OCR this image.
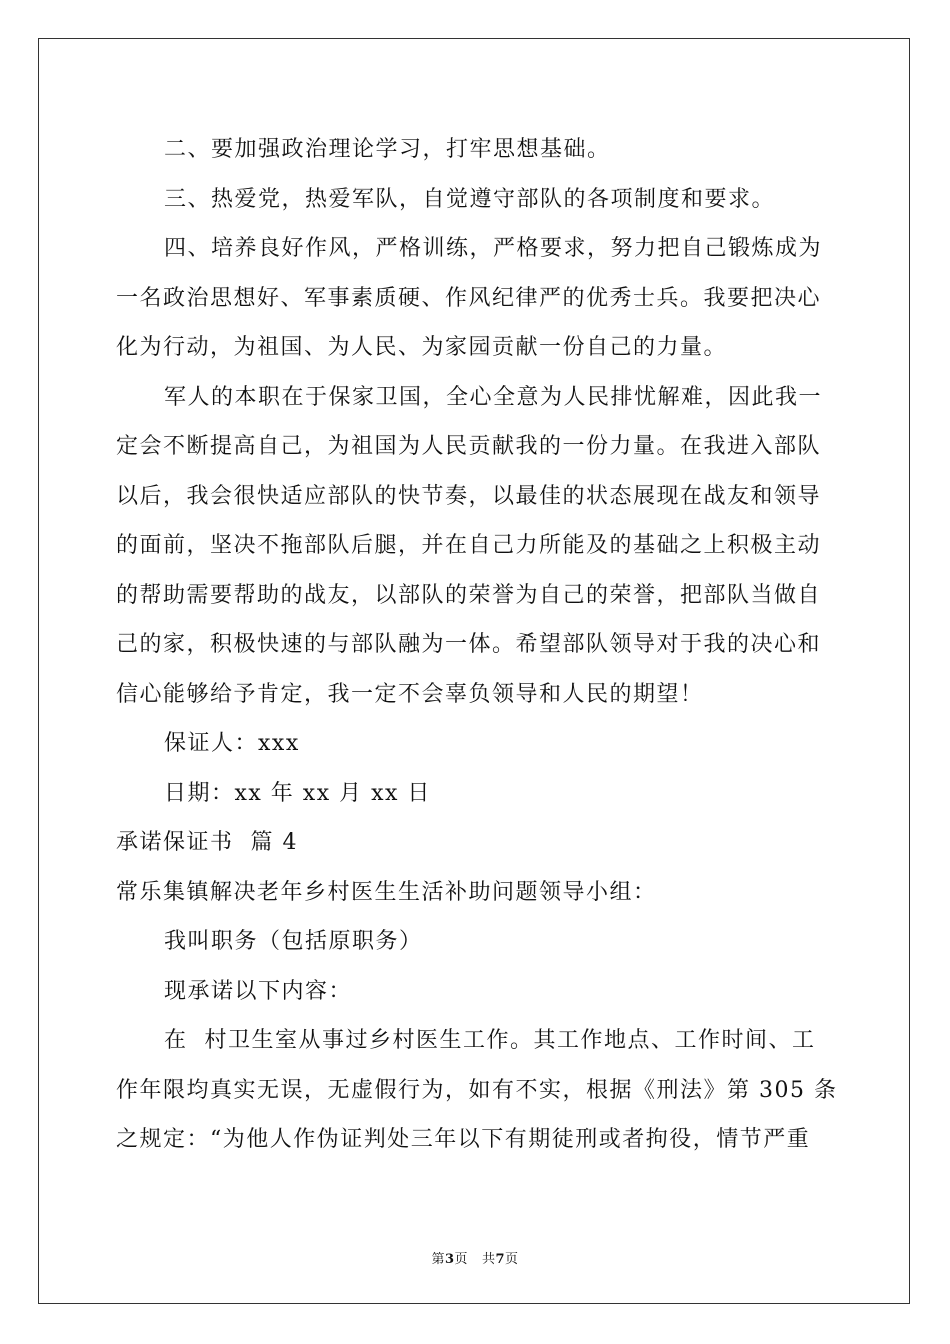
二、要加强政治理论学习，打牢思想基础。
三、热爱党，热爱军队，自觉遵守部队的各项制度和要求。
四、培养良好作风，严格训练，严格要求，努力把自己锻炼成为
一名政治思想好、军事素质硬、作风纪律严的优秀士兵。我要把决心
化为行动，为祖国、为人民、为家园贡献一份自己的力量。
军人的本职在于保家卫国，全心全意为人民排忧解难，因此我一
定会不断提高自己，为祖国为人民贡献我的一份力量。在我进入部队
以后，我会很快适应部队的快节奏，以最佳的状态展现在战友和领导
的面前，坚决不拖部队后腿，并在自己力所能及的基础之上积极主动
的帮助需要帮助的战友，以部队的荣誉为自己的荣誉，把部队当做自
己的家，积极快速的与部队融为一体。希望部队领导对于我的决心和
信心能够给予肯定，我一定不会辜负领导和人民的期望！
保证人：xxx
日期：xx 年 xx 月 xx 日
承诺保证书  篇 4
常乐集镇解决老年乡村医生生活补助问题领导小组：
我叫职务（包括原职务）
现承诺以下内容：
在  村卫生室从事过乡村医生工作。其工作地点、工作时间、工
作年限均真实无误，无虚假行为，如有不实，根据《刑法》第 305 条
之规定：“为他人作伪证判处三年以下有期徒刑或者拘役，情节严重
第3页   共7页
